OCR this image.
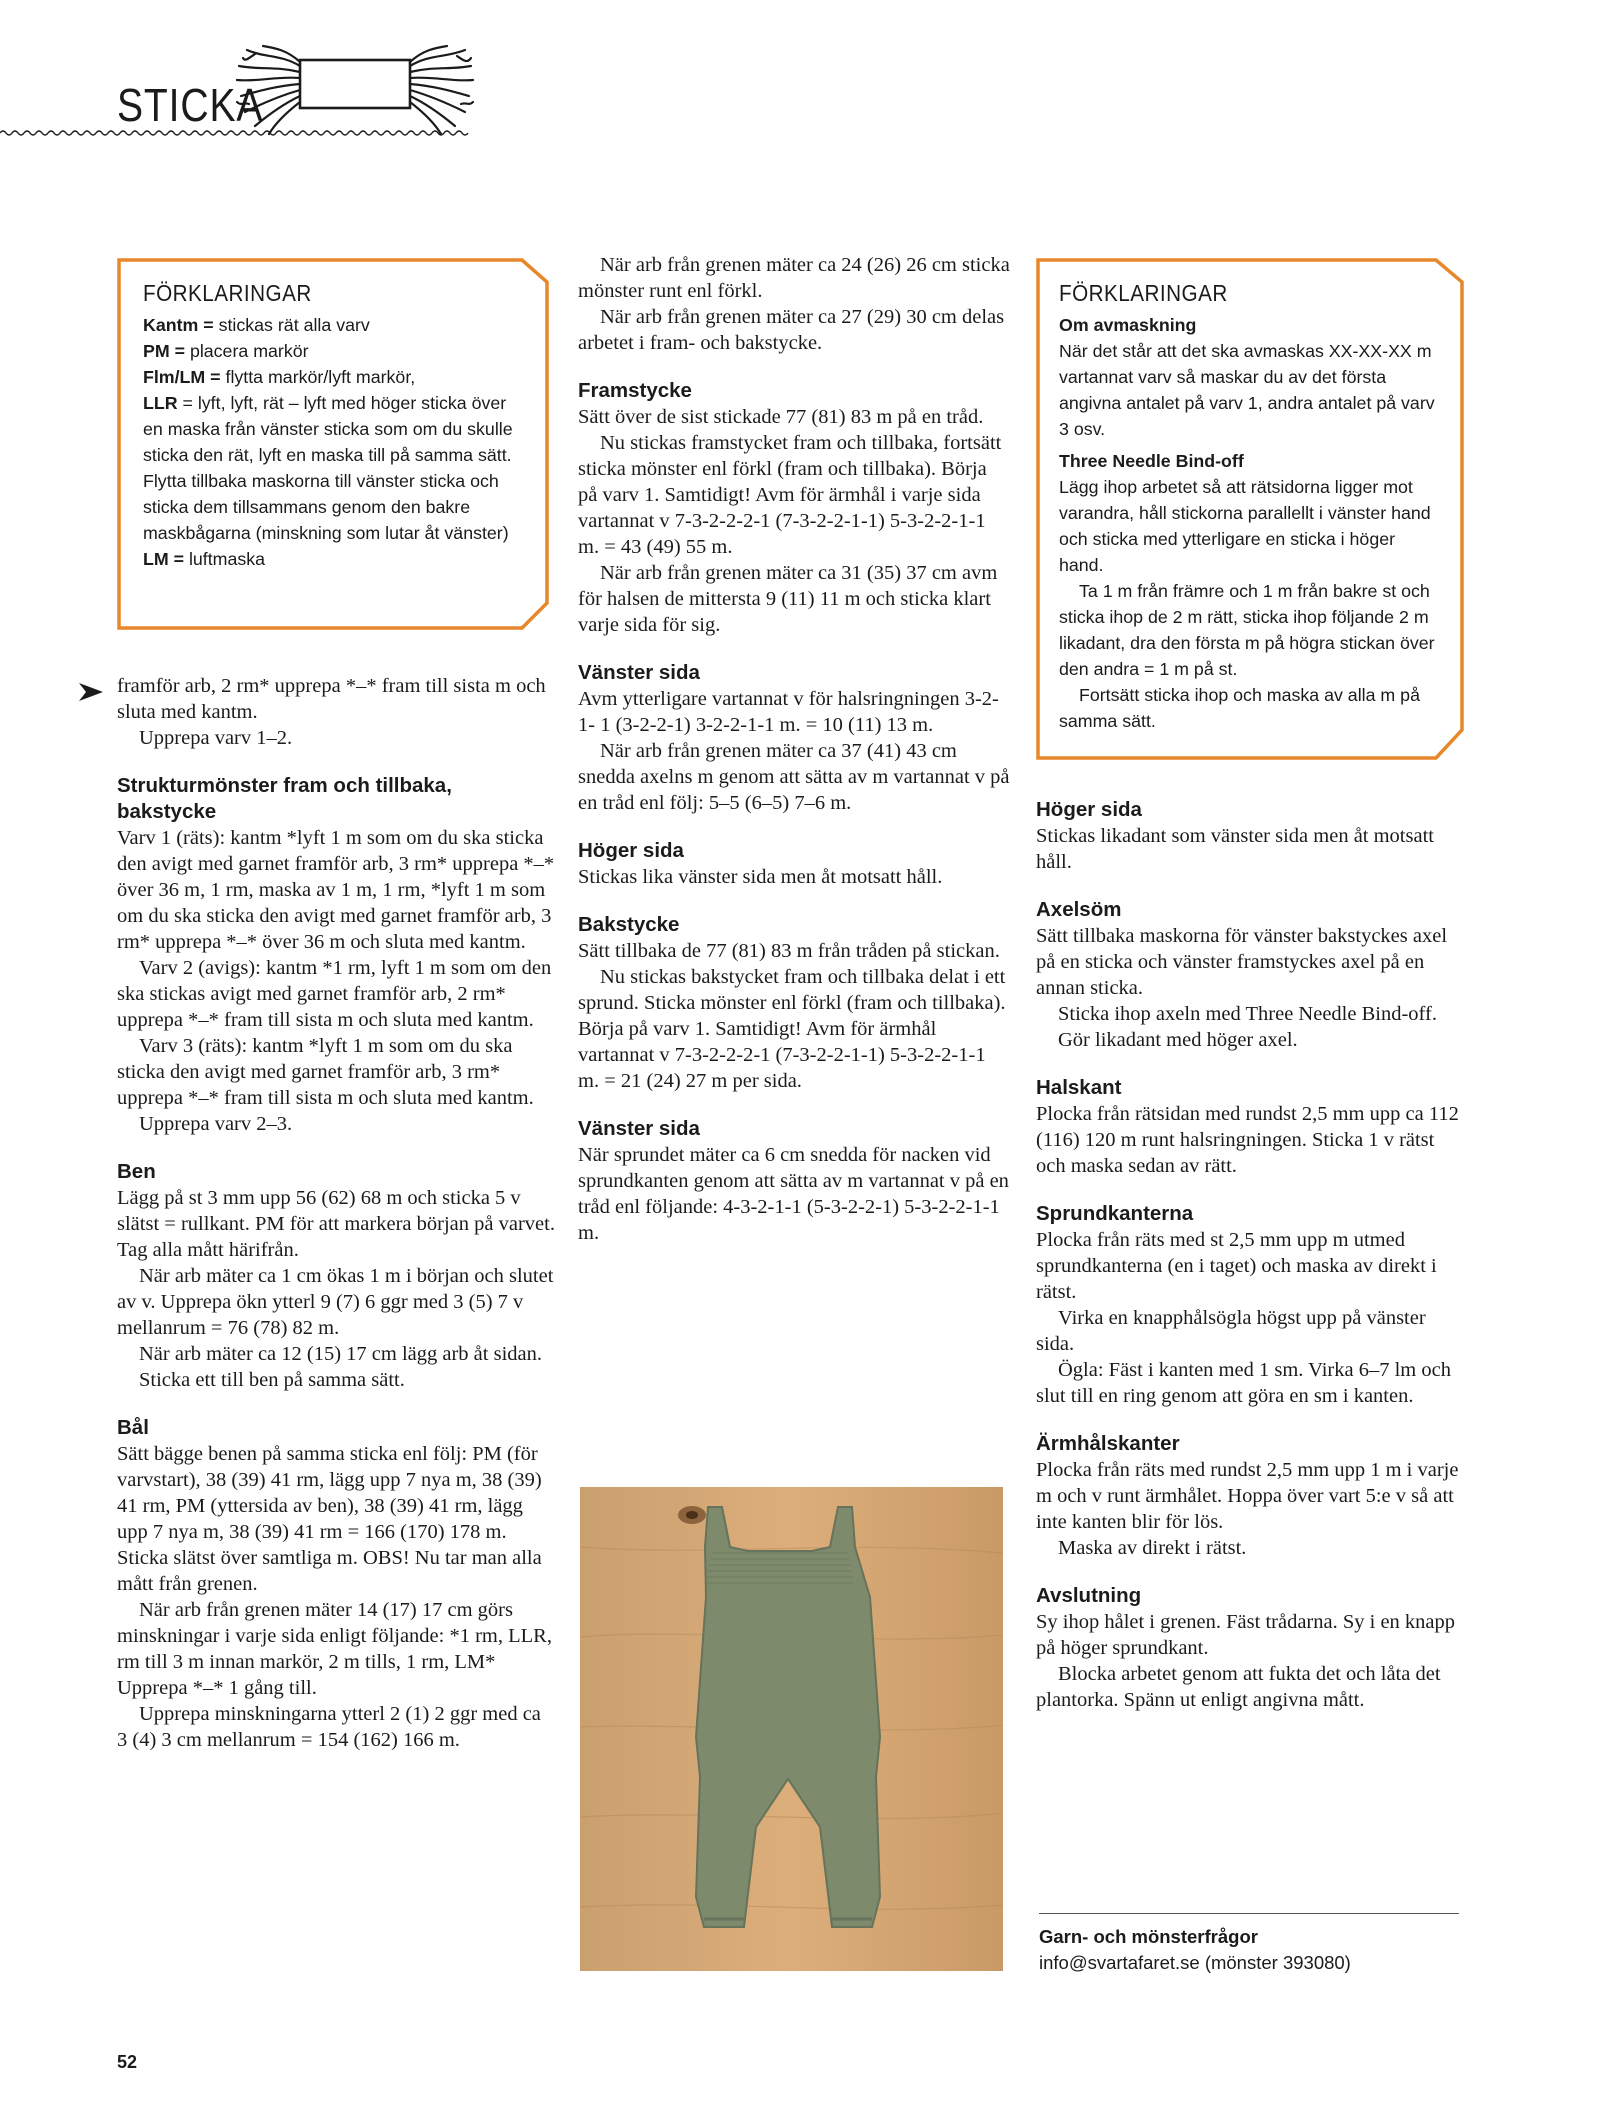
STICKA
FÖRKLARINGAR

Kantm = stickas rät alla varv

PM = placera markör

Flm/LM = flytta markör/lyft markör,

LLR = lyft, lyft, rät – lyft med höger sticka över en maska från vänster sticka som om du skulle sticka den rät, lyft en maska till på samma sätt. Flytta tillbaka maskorna till vänster sticka och sticka dem tillsammans genom den bakre maskbågarna (minskning som lutar åt vänster)

LM = luftmaska

framför arb, 2 rm* upprepa *–* fram till sista m och sluta med kantm.

Upprepa varv 1–2.

Strukturmönster fram och tillbaka, bakstycke

Varv 1 (räts): kantm *lyft 1 m som om du ska sticka den avigt med garnet framför arb, 3 rm* upprepa *–* över 36 m, 1 rm, maska av 1 m, 1 rm, *lyft 1 m som om du ska sticka den avigt med garnet framför arb, 3 rm* upprepa *–* över 36 m och sluta med kantm.

Varv 2 (avigs): kantm *1 rm, lyft 1 m som om den ska stickas avigt med garnet framför arb, 2 rm* upprepa *–* fram till sista m och sluta med kantm.

Varv 3 (räts): kantm *lyft 1 m som om du ska sticka den avigt med garnet framför arb, 3 rm* upprepa *–* fram till sista m och sluta med kantm.

Upprepa varv 2–3.

Ben

Lägg på st 3 mm upp 56 (62) 68 m och sticka 5 v slätst = rullkant. PM för att markera början på varvet. Tag alla mått härifrån.

När arb mäter ca 1 cm ökas 1 m i början och slutet av v. Upprepa ökn ytterl 9 (7) 6 ggr med 3 (5) 7 v mellanrum = 76 (78) 82 m.

När arb mäter ca 12 (15) 17 cm lägg arb åt sidan.

Sticka ett till ben på samma sätt.

Bål

Sätt bägge benen på samma sticka enl följ: PM (för varvstart), 38 (39) 41 rm, lägg upp 7 nya m, 38 (39) 41 rm, PM (yttersida av ben), 38 (39) 41 rm, lägg upp 7 nya m, 38 (39) 41 rm = 166 (170) 178 m. Sticka slätst över samtliga m. OBS! Nu tar man alla mått från grenen.

När arb från grenen mäter 14 (17) 17 cm görs minskningar i varje sida enligt följande: *1 rm, LLR, rm till 3 m innan markör, 2 m tills, 1 rm, LM* Upprepa *–* 1 gång till.

Upprepa minskningarna ytterl 2 (1) 2 ggr med ca 3 (4) 3 cm mellanrum = 154 (162) 166 m.

När arb från grenen mäter ca 24 (26) 26 cm sticka mönster runt enl förkl.

När arb från grenen mäter ca 27 (29) 30 cm delas arbetet i fram- och bakstycke.

Framstycke

Sätt över de sist stickade 77 (81) 83 m på en tråd.

Nu stickas framstycket fram och tillbaka, fortsätt sticka mönster enl förkl (fram och tillbaka). Börja på varv 1. Samtidigt! Avm för ärmhål i varje sida vartannat v 7-3-2-2-2-1 (7-3-2-2-1-1) 5-3-2-2-1-1 m. = 43 (49) 55 m.

När arb från grenen mäter ca 31 (35) 37 cm avm för halsen de mittersta 9 (11) 11 m och sticka klart varje sida för sig.

Vänster sida

Avm ytterligare vartannat v för halsringningen 3-2-1- 1 (3-2-2-1) 3-2-2-1-1 m. = 10 (11) 13 m.

När arb från grenen mäter ca 37 (41) 43 cm snedda axelns m genom att sätta av m vartannat v på en tråd enl följ: 5–5 (6–5) 7–6 m.

Höger sida

Stickas lika vänster sida men åt motsatt håll.

Bakstycke

Sätt tillbaka de 77 (81) 83 m från tråden på stickan.

Nu stickas bakstycket fram och tillbaka delat i ett sprund. Sticka mönster enl förkl (fram och tillbaka). Börja på varv 1. Samtidigt! Avm för ärmhål vartannat v 7-3-2-2-2-1 (7-3-2-2-1-1) 5-3-2-2-1-1 m. = 21 (24) 27 m per sida.

Vänster sida

När sprundet mäter ca 6 cm snedda för nacken vid sprundkanten genom att sätta av m vartannat v på en tråd enl följande: 4-3-2-1-1 (5-3-2-2-1) 5-3-2-2-1-1 m.

FÖRKLARINGAR
Om avmaskning

När det står att det ska avmaskas XX-XX-XX m vartannat varv så maskar du av det första angivna antalet på varv 1, andra antalet på varv 3 osv.

Three Needle Bind-off

Lägg ihop arbetet så att rätsidorna ligger mot varandra, håll stickorna parallellt i vänster hand och sticka med ytterligare en sticka i höger hand.

Ta 1 m från främre och 1 m från bakre st och sticka ihop de 2 m rätt, sticka ihop följande 2 m likadant, dra den första m på högra stickan över den andra = 1 m på st.

Fortsätt sticka ihop och maska av alla m på samma sätt.

Höger sida

Stickas likadant som vänster sida men åt motsatt håll.

Axelsöm

Sätt tillbaka maskorna för vänster bakstyckes axel på en sticka och vänster framstyckes axel på en annan sticka.

Sticka ihop axeln med Three Needle Bind-off.

Gör likadant med höger axel.

Halskant

Plocka från rätsidan med rundst 2,5 mm upp ca 112 (116) 120 m runt halsringningen. Sticka 1 v rätst och maska sedan av rätt.

Sprundkanterna

Plocka från räts med st 2,5 mm upp m utmed sprundkanterna (en i taget) och maska av direkt i rätst.

Virka en knapphålsögla högst upp på vänster sida.

Ögla: Fäst i kanten med 1 sm. Virka 6–7 lm och slut till en ring genom att göra en sm i kanten.

Ärmhålskanter

Plocka från räts med rundst 2,5 mm upp 1 m i varje m och v runt ärmhålet. Hoppa över vart 5:e v så att inte kanten blir för lös.

Maska av direkt i rätst.

Avslutning

Sy ihop hålet i grenen. Fäst trådarna. Sy i en knapp på höger sprundkant.

Blocka arbetet genom att fukta det och låta det plantorka. Spänn ut enligt angivna mått.

Garn- och mönsterfrågor
info@svartafaret.se (mönster 393080)
52
